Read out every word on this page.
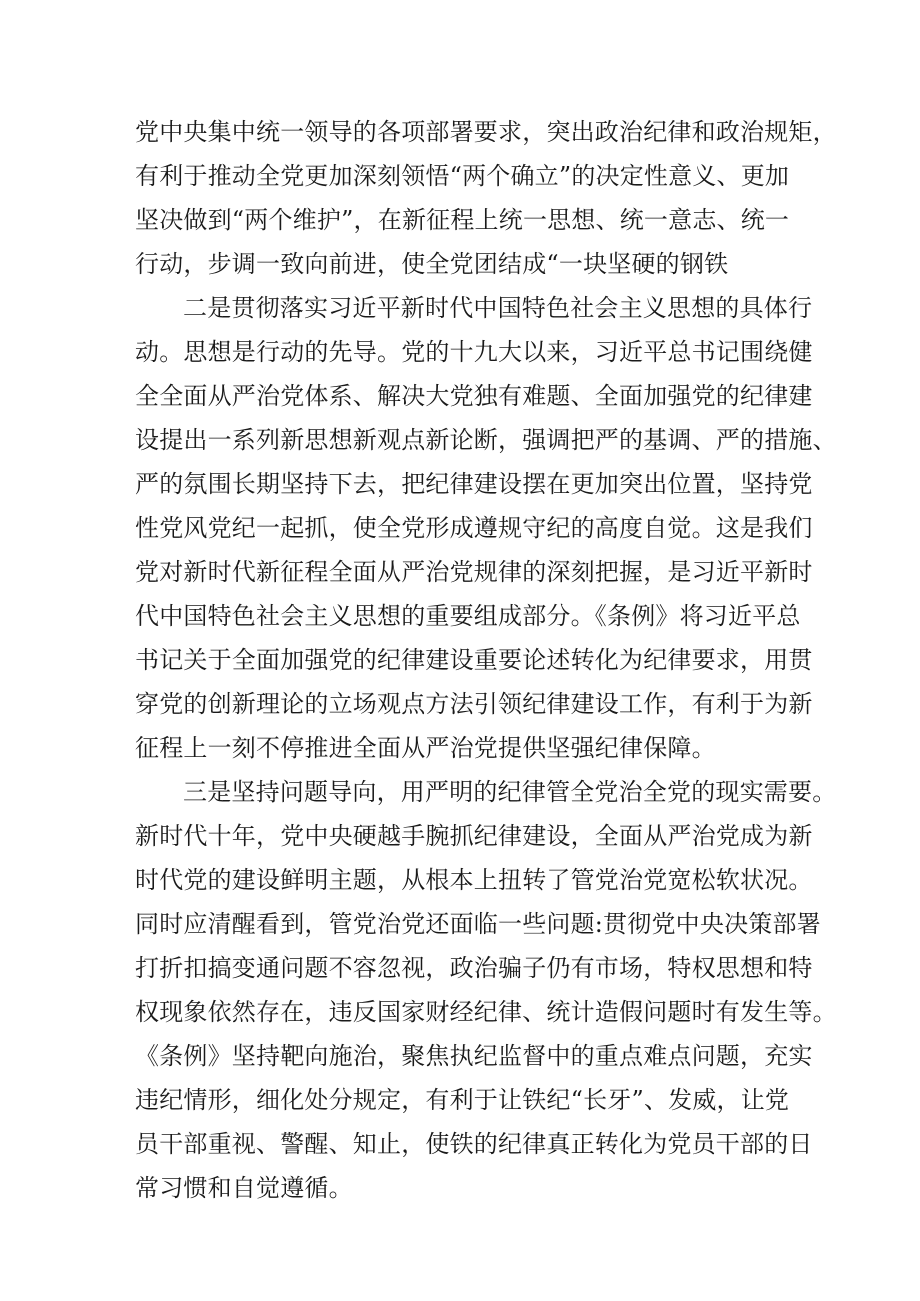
党中央集中统一领导的各项部署要求，突出政治纪律和政治规矩，
有利于推动全党更加深刻领悟“两个确立”的决定性意义、更加
坚决做到“两个维护”，在新征程上统一思想、统一意志、统一
行动，步调一致向前进，使全党团结成“一块坚硬的钢铁
二是贯彻落实习近平新时代中国特色社会主义思想的具体行
动。思想是行动的先导。党的十九大以来，习近平总书记围绕健
全全面从严治党体系、解决大党独有难题、全面加强党的纪律建
设提出一系列新思想新观点新论断，强调把严的基调、严的措施、
严的氛围长期坚持下去，把纪律建设摆在更加突出位置，坚持党
性党风党纪一起抓，使全党形成遵规守纪的高度自觉。这是我们
党对新时代新征程全面从严治党规律的深刻把握，是习近平新时
代中国特色社会主义思想的重要组成部分。《条例》将习近平总
书记关于全面加强党的纪律建设重要论述转化为纪律要求，用贯
穿党的创新理论的立场观点方法引领纪律建设工作，有利于为新
征程上一刻不停推进全面从严治党提供坚强纪律保障。
三是坚持问题导向，用严明的纪律管全党治全党的现实需要。
新时代十年，党中央硬越手腕抓纪律建设，全面从严治党成为新
时代党的建设鲜明主题，从根本上扭转了管党治党宽松软状况。
同时应清醒看到，管党治党还面临一些问题:贯彻党中央决策部署
打折扣搞变通问题不容忽视，政治骗子仍有市场，特权思想和特
权现象依然存在，违反国家财经纪律、统计造假问题时有发生等。
《条例》坚持靶向施治，聚焦执纪监督中的重点难点问题，充实
违纪情形，细化处分规定，有利于让铁纪“长牙”、发威，让党
员干部重视、警醒、知止，使铁的纪律真正转化为党员干部的日
常习惯和自觉遵循。
